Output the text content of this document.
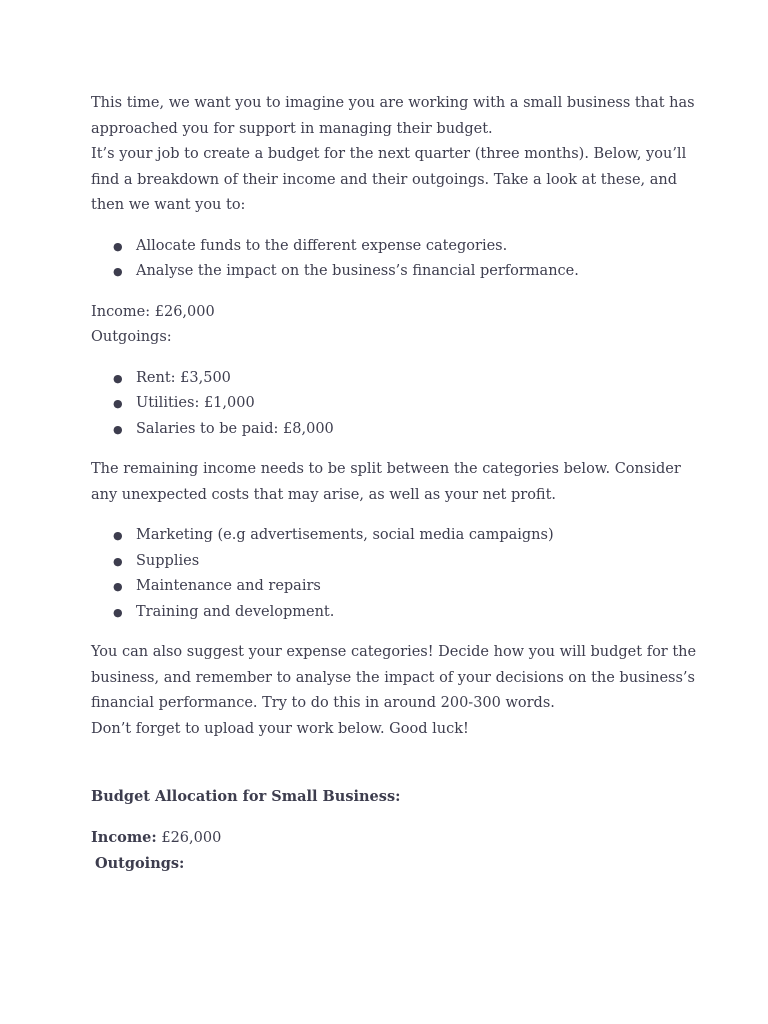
This time, we want you to imagine you are working with a small business that has approached you for support in managing their budget.

It’s your job to create a budget for the next quarter (three months). Below, you’ll find a breakdown of their income and their outgoings. Take a look at these, and then we want you to:

● Allocate funds to the different expense categories.
● Analyse the impact on the business’s financial performance.

Income: £26,000

Outgoings:

● Rent: £3,500
● Utilities: £1,000
● Salaries to be paid: £8,000

The remaining income needs to be split between the categories below. Consider any unexpected costs that may arise, as well as your net profit.

● Marketing (e.g advertisements, social media campaigns)
● Supplies
● Maintenance and repairs
● Training and development.

You can also suggest your expense categories! Decide how you will budget for the business, and remember to analyse the impact of your decisions on the business’s financial performance. Try to do this in around 200-300 words.

Don’t forget to upload your work below. Good luck!

Budget Allocation for Small Business:

Income: £26,000

Outgoings:
